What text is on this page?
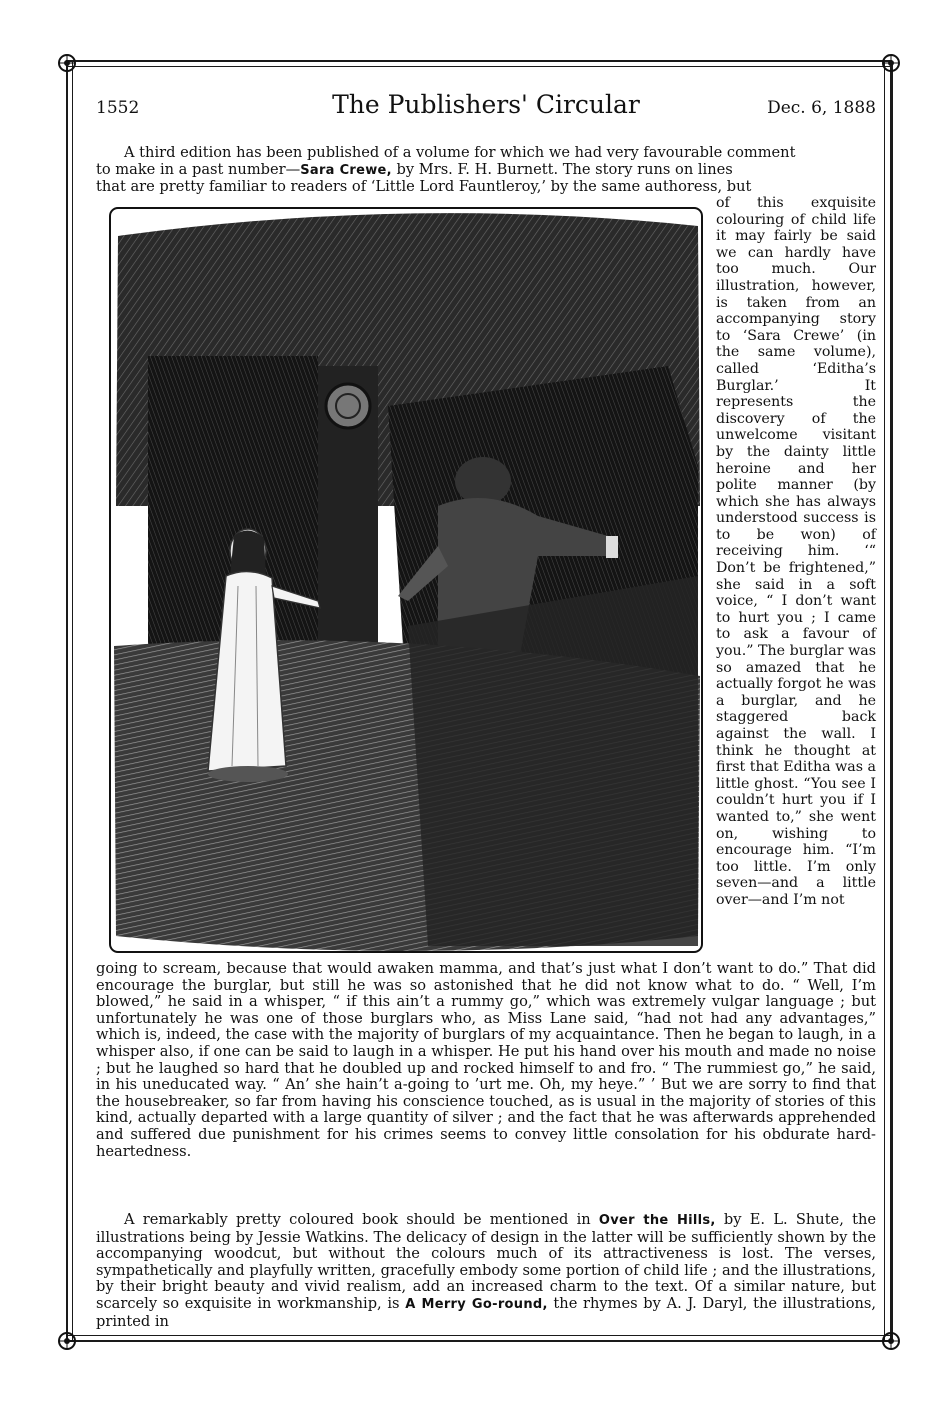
1552	The Publishers' Circular	Dec. 6, 1888
A third edition has been published of a volume for which we had very favourable comment
to make in a past number—Sara Crewe, by Mrs. F. H. Burnett. The story runs on lines
that are pretty familiar to readers of ‘Little Lord Fauntleroy,’ by the same authoress, but

of this exquisite colouring of child life it may fairly be said we can hardly have too much. Our illustration, however, is taken from an accompanying story to ‘Sara Crewe’ (in the same volume), called ‘Editha’s Burglar.’ It represents the discovery of the unwelcome visitant by the dainty little heroine and her polite manner (by which she has always understood success is to be won) of receiving him. ‘“ Don’t be frightened,” she said in a soft voice, “ I don’t want to hurt you ; I came to ask a favour of you.” The burglar was so amazed that he actually forgot he was a burglar, and he staggered back against the wall. I think he thought at first that Editha was a little ghost. “You see I couldn’t hurt you if I wanted to,” she went on, wishing to encourage him. “I’m too little. I’m only seven—and a little over—and I’m not

going to scream, because that would awaken mamma, and that’s just what I don’t want to do.” That did encourage the burglar, but still he was so astonished that he did not know what to do. “ Well, I’m blowed,” he said in a whisper, “ if this ain’t a rummy go,” which was extremely vulgar language ; but unfortunately he was one of those burglars who, as Miss Lane said, “had not had any advantages,” which is, indeed, the case with the majority of burglars of my acquaintance. Then he began to laugh, in a whisper also, if one can be said to laugh in a whisper. He put his hand over his mouth and made no noise ; but he laughed so hard that he doubled up and rocked himself to and fro. “ The rummiest go,” he said, in his uneducated way. “ An’ she hain’t a-going to ’urt me. Oh, my heye.” ’ But we are sorry to find that the housebreaker, so far from having his conscience touched, as is usual in the majority of stories of this kind, actually departed with a large quantity of silver ; and the fact that he was afterwards apprehended and suffered due punishment for his crimes seems to convey little consolation for his obdurate hard-heartedness.

A remarkably pretty coloured book should be mentioned in Over the Hills, by E. L. Shute, the illustrations being by Jessie Watkins. The delicacy of design in the latter will be sufficiently shown by the accompanying woodcut, but without the colours much of its attractiveness is lost. The verses, sympathetically and playfully written, gracefully embody some portion of child life ; and the illustrations, by their bright beauty and vivid realism, add an increased charm to the text. Of a similar nature, but scarcely so exquisite in workmanship, is A Merry Go-round, the rhymes by A. J. Daryl, the illustrations, printed in
